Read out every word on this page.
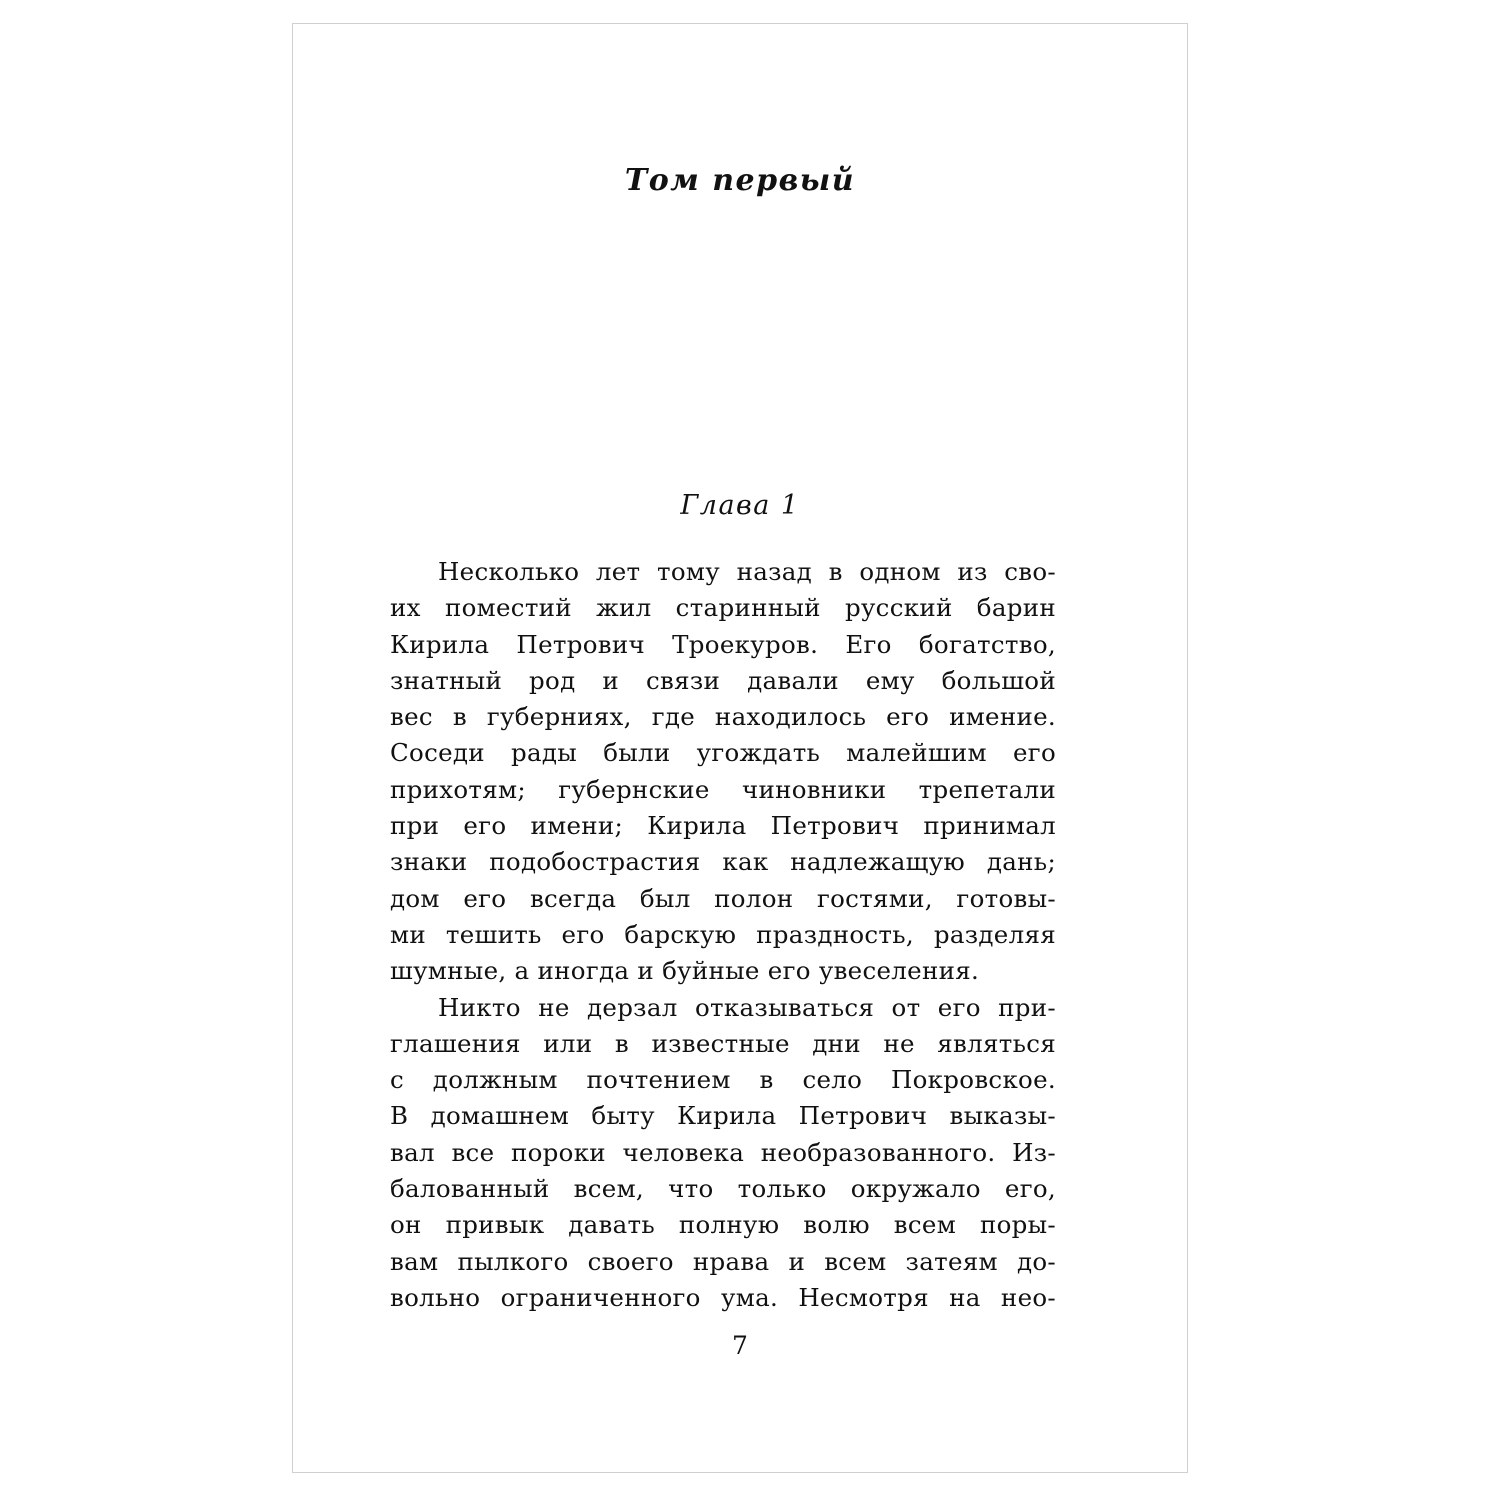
Том первый
Глава 1
Несколько лет тому назад в одном из сво-
их поместий жил старинный русский барин
Кирила Петрович Троекуров. Его богатство,
знатный род и связи давали ему большой
вес в губерниях, где находилось его имение.
Соседи рады были угождать малейшим его
прихотям; губернские чиновники трепетали
при его имени; Кирила Петрович принимал
знаки подобострастия как надлежащую дань;
дом его всегда был полон гостями, готовы-
ми тешить его барскую праздность, разделяя
шумные, а иногда и буйные его увеселения.
Никто не дерзал отказываться от его при-
глашения или в известные дни не являться
с должным почтением в село Покровское.
В домашнем быту Кирила Петрович выказы-
вал все пороки человека необразованного. Из-
балованный всем, что только окружало его,
он привык давать полную волю всем поры-
вам пылкого своего нрава и всем затеям до-
вольно ограниченного ума. Несмотря на нео-
7
